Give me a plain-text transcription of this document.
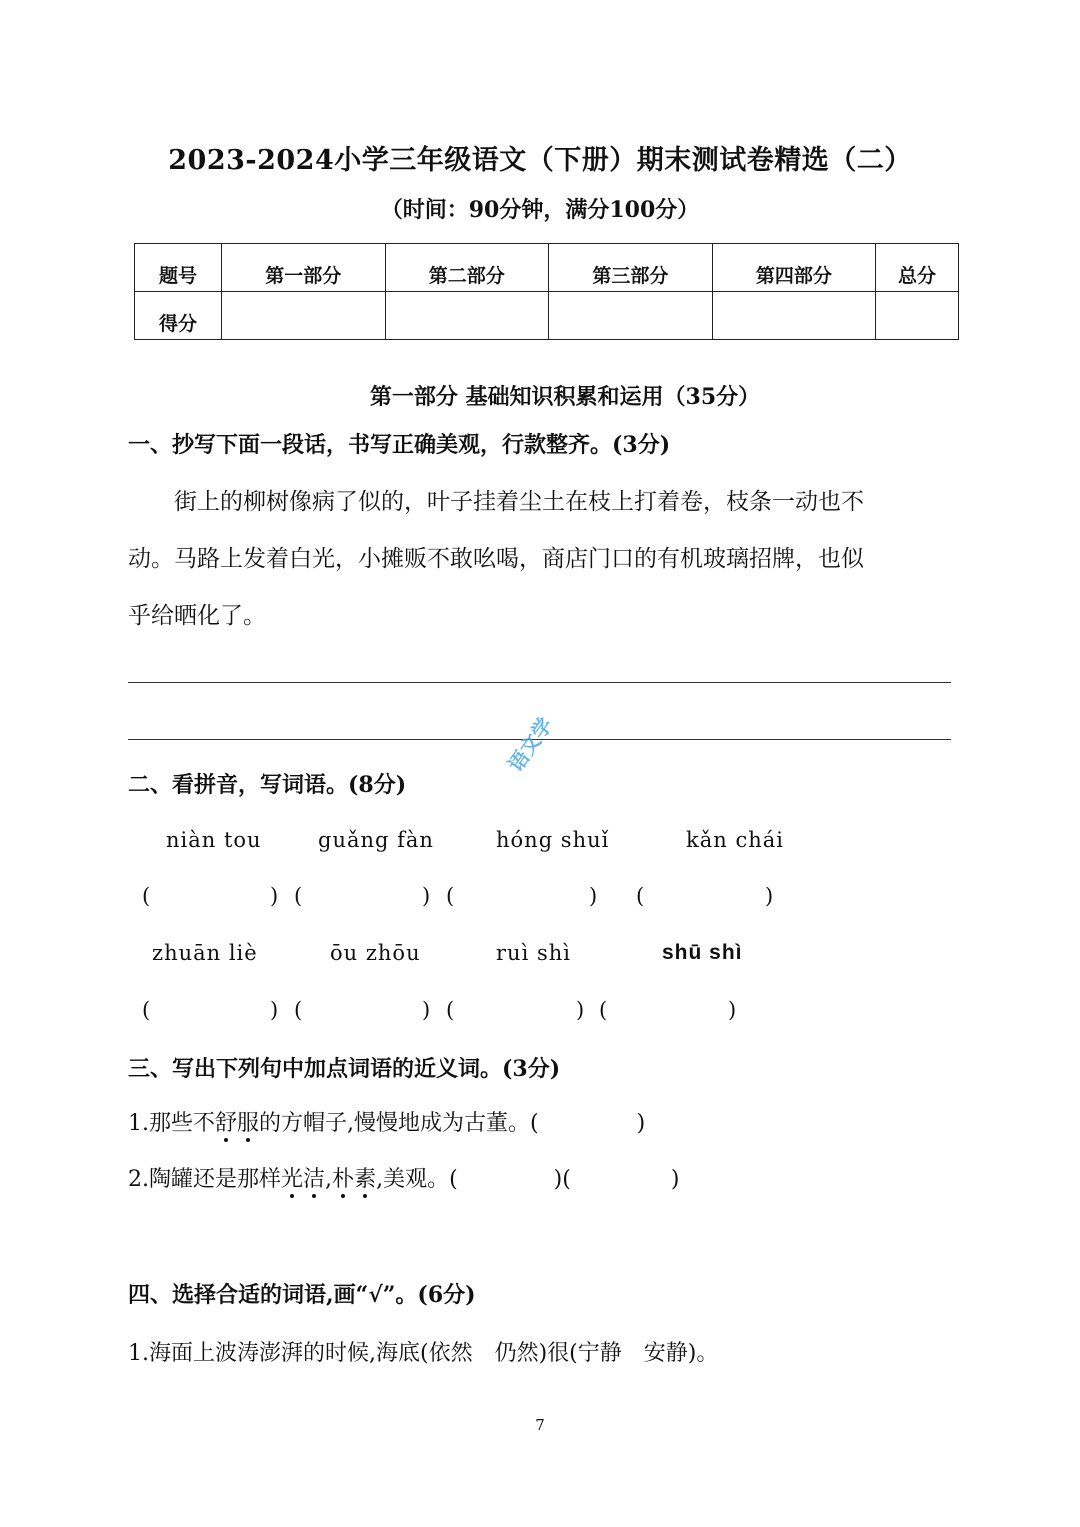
2023-2024小学三年级语文（下册）期末测试卷精选（二）
（时间：90分钟，满分100分）
题号	第一部分	第二部分	第三部分	第四部分	总分
得分					
第一部分 基础知识积累和运用（35分）
一、抄写下面一段话，书写正确美观，行款整齐。(3分)

街上的柳树像病了似的，叶子挂着尘土在枝上打着卷，枝条一动也不

动。马路上发着白光，小摊贩不敢吆喝，商店门口的有机玻璃招牌，也似

乎给晒化了。

语文学
二、看拼音，写词语。(8分)
niàn tou	guǎng fàn	hóng shuǐ	kǎn chái
(	) (	) (	) (	)
zhuān liè	ōu zhōu	ruì shì	shū shì
(	) (	) (	) (	)
三、写出下列句中加点词语的近义词。(3分)
1.那些不舒服的方帽子,慢慢地成为古董。(	)
2.陶罐还是那样光洁,朴素,美观。(	)(	)
四、选择合适的词语,画“√”。(6分)
1.海面上波涛澎湃的时候,海底(依然　仍然)很(宁静　安静)。
7
